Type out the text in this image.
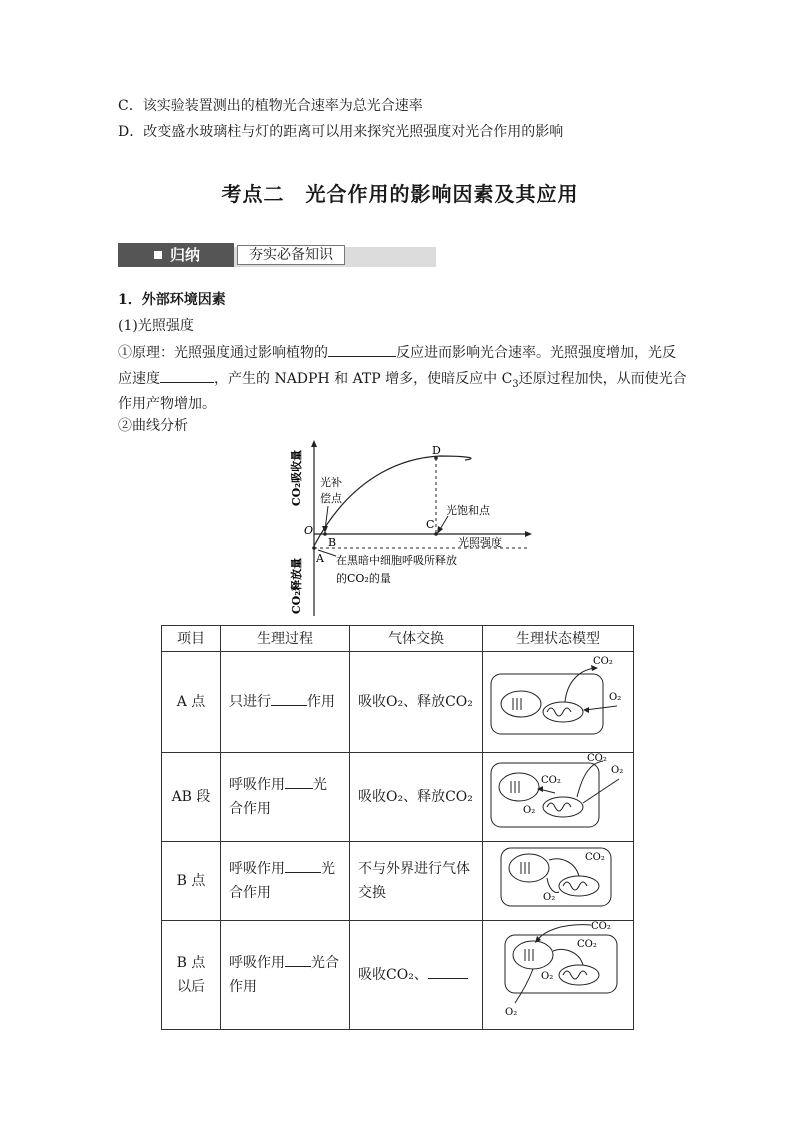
C．该实验装置测出的植物光合速率为总光合速率
D．改变盛水玻璃柱与灯的距离可以用来探究光照强度对光合作用的影响
考点二　光合作用的影响因素及其应用
归纳	夯实必备知识
1．外部环境因素
(1)光照强度
①原理：光照强度通过影响植物的	反应进而影响光合速率。光照强度增加，光反
应速度	，产生的 NADPH 和 ATP 增多，使暗反应中 $C_3$还原过程加快，从而使光合
作用产物增加。
②曲线分析
CO₂吸收量
CO₂释放量
O
D
C
B
A
光补
偿点
光饱和点
光照强度
在黑暗中细胞呼吸所释放
的CO₂的量
项目	生理过程	气体交换	生理状态模型
A 点	只进行 作用	吸收O₂、释放CO₂	CO₂
O₂

AB 段	呼吸作用 光
合作用	吸收O₂、释放CO₂	CO₂
CO₂
O₂
O₂

B 点	呼吸作用 光
合作用	不与外界进行气体交换	CO₂
O₂

B 点
以后	呼吸作用 光合
作用	吸收CO₂、	CO₂
CO₂
O₂
O₂
